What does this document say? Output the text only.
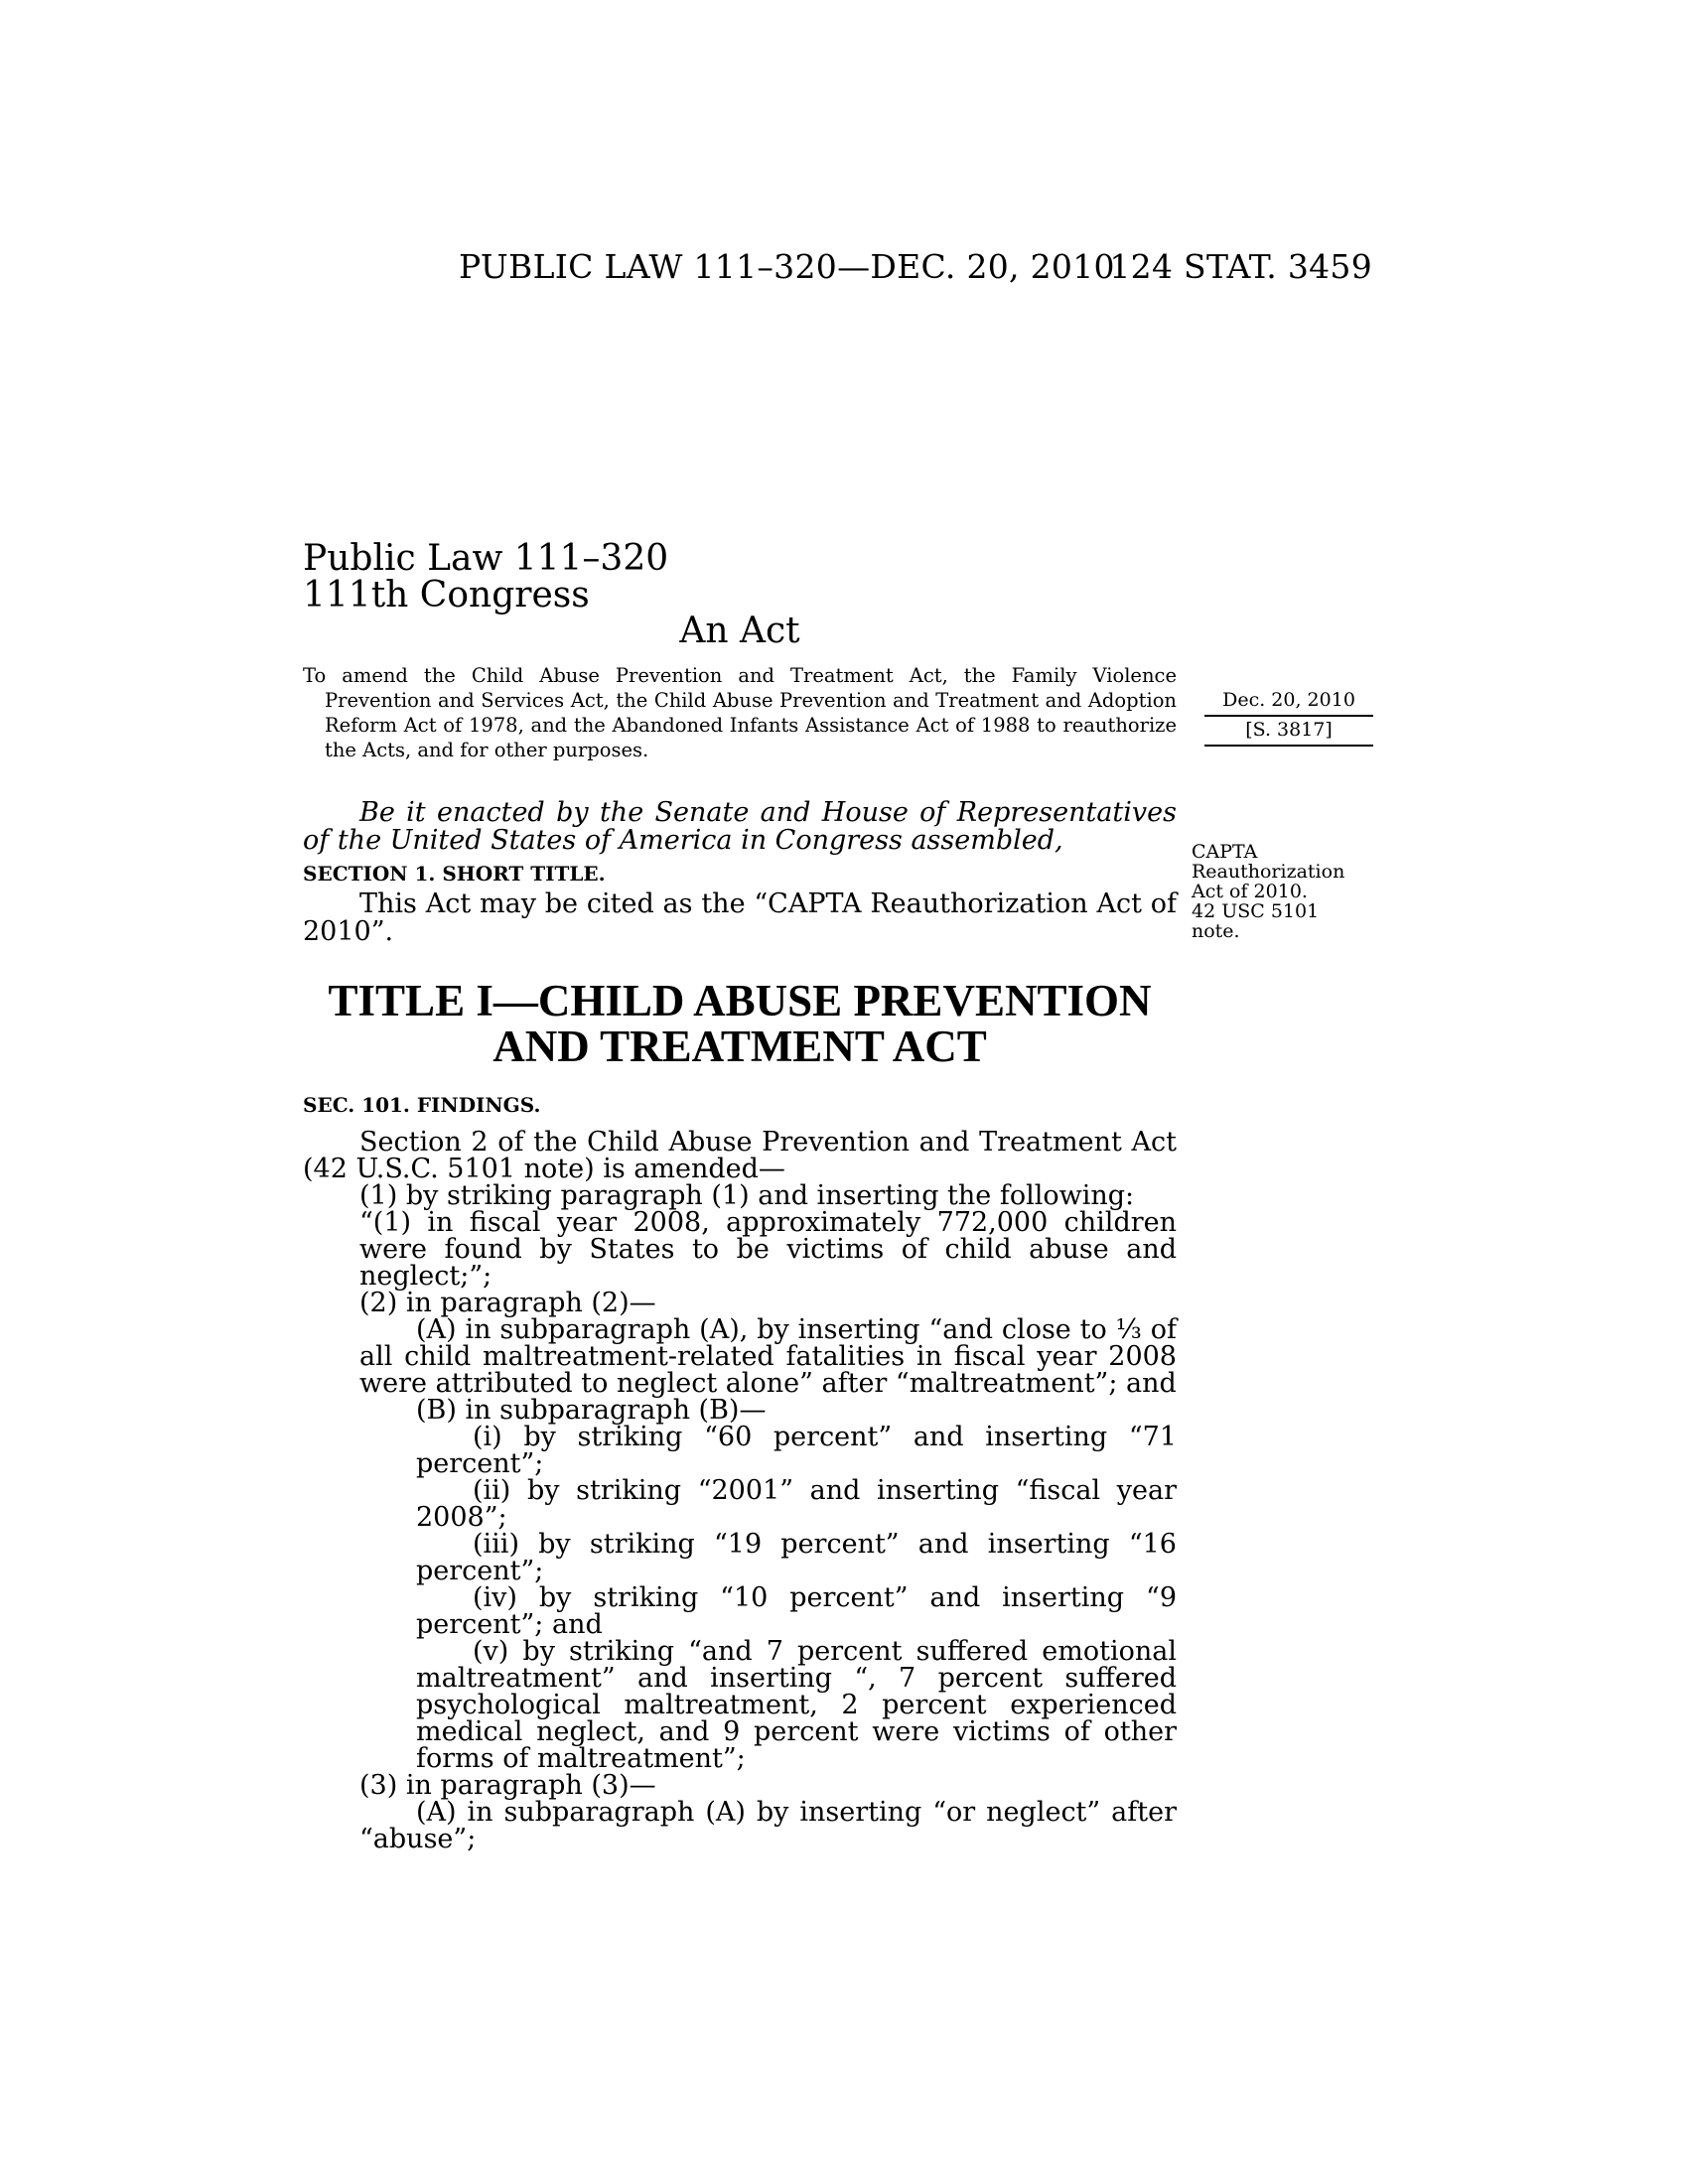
PUBLIC LAW 111–320—DEC. 20, 2010
124 STAT. 3459
Public Law 111–320
111th Congress
An Act
To amend the Child Abuse Prevention and Treatment Act, the Family Violence Prevention and Services Act, the Child Abuse Prevention and Treatment and Adoption Reform Act of 1978, and the Abandoned Infants Assistance Act of 1988 to reauthorize the Acts, and for other purposes.
Dec. 20, 2010
[S. 3817]
Be it enacted by the Senate and House of Representatives of the United States of America in Congress assembled,	CAPTA
Reauthorization
Act of 2010.
42 USC 5101
note.
SECTION 1. SHORT TITLE.
This Act may be cited as the “CAPTA Reauthorization Act of 2010”.
TITLE I—CHILD ABUSE PREVENTION
AND TREATMENT ACT
SEC. 101. FINDINGS.

Section 2 of the Child Abuse Prevention and Treatment Act (42 U.S.C. 5101 note) is amended—

(1) by striking paragraph (1) and inserting the following:

“(1) in fiscal year 2008, approximately 772,000 children were found by States to be victims of child abuse and neglect;”;

(2) in paragraph (2)—

(A) in subparagraph (A), by inserting “and close to ⅓ of all child maltreatment-related fatalities in fiscal year 2008 were attributed to neglect alone” after “maltreatment”; and

(B) in subparagraph (B)—

(i) by striking “60 percent” and inserting “71 percent”;

(ii) by striking “2001” and inserting “fiscal year 2008”;

(iii) by striking “19 percent” and inserting “16 percent”;

(iv) by striking “10 percent” and inserting “9 percent”; and

(v) by striking “and 7 percent suffered emotional maltreatment” and inserting “, 7 percent suffered psychological maltreatment, 2 percent experienced medical neglect, and 9 percent were victims of other forms of maltreatment”;

(3) in paragraph (3)—

(A) in subparagraph (A) by inserting “or neglect” after “abuse”;
